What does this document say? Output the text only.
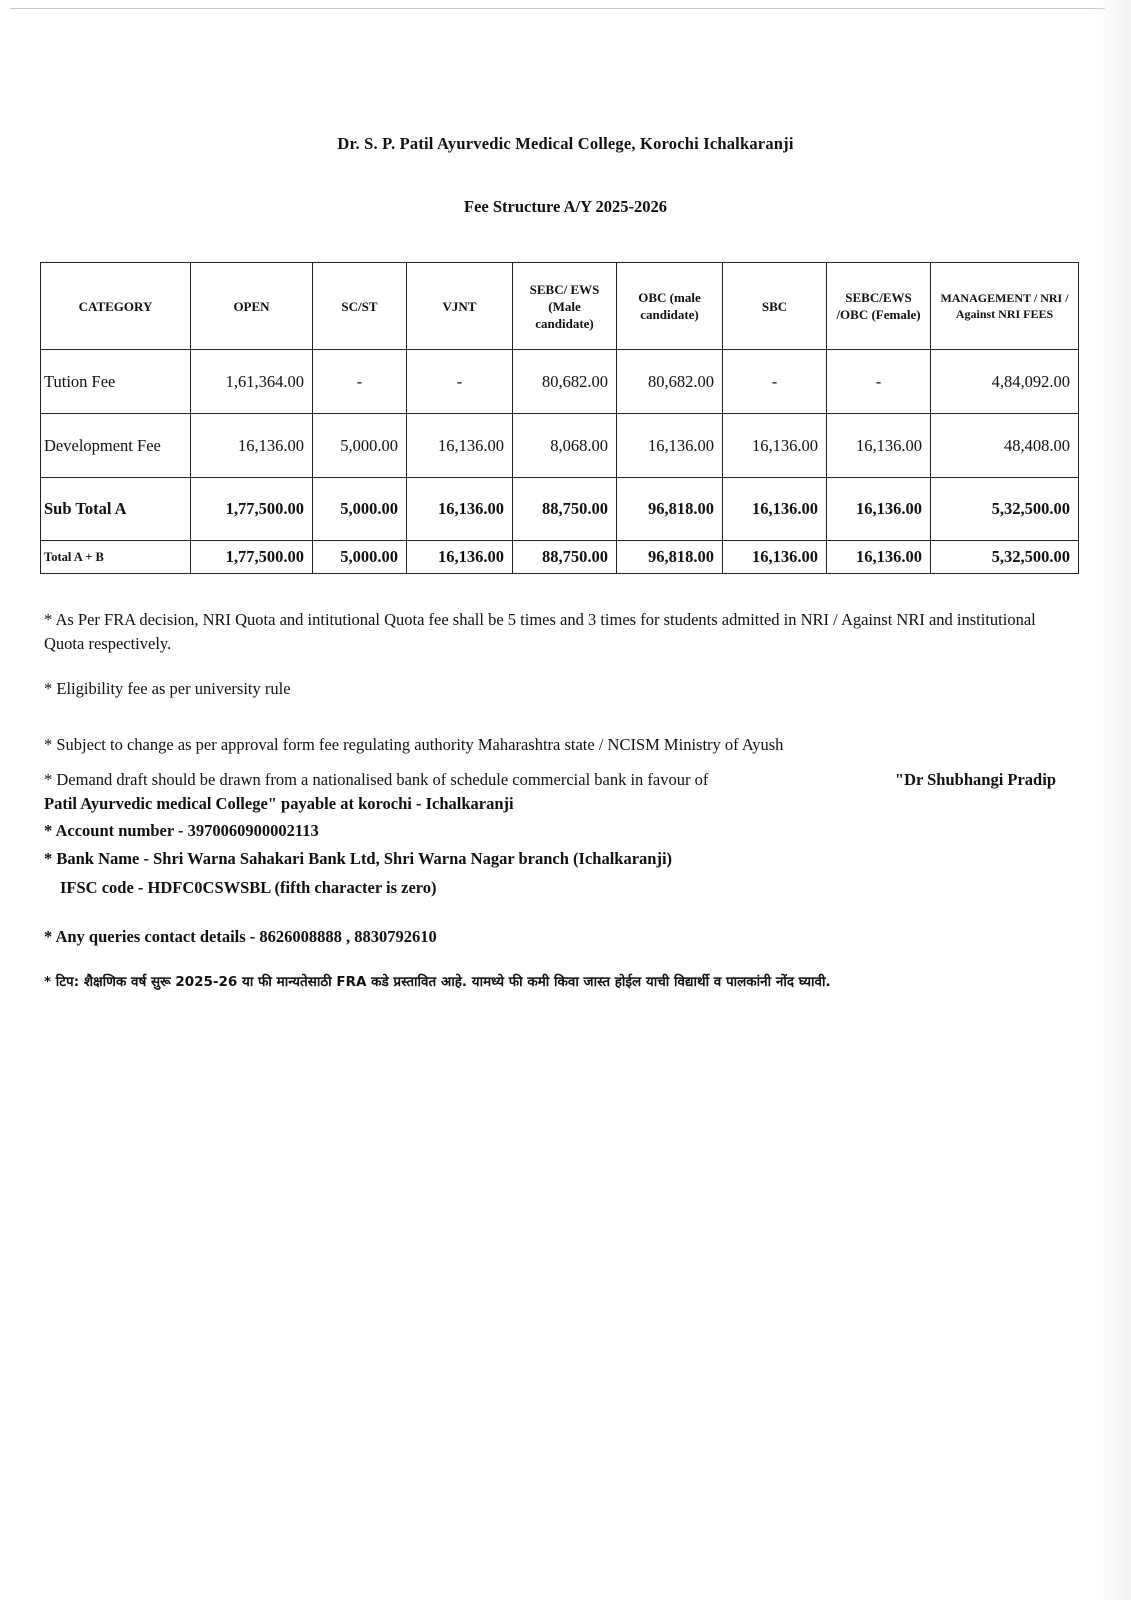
Dr. S. P. Patil Ayurvedic Medical College, Korochi Ichalkaranji
Fee Structure A/Y 2025-2026
CATEGORY	OPEN	SC/ST	VJNT	SEBC/ EWS (Male candidate)	OBC (male candidate)	SBC	SEBC/EWS /OBC (Female)	MANAGEMENT / NRI / Against NRI FEES
Tution Fee	1,61,364.00	-	-	80,682.00	80,682.00	-	-	4,84,092.00
Development Fee	16,136.00	5,000.00	16,136.00	8,068.00	16,136.00	16,136.00	16,136.00	48,408.00
Sub Total A	1,77,500.00	5,000.00	16,136.00	88,750.00	96,818.00	16,136.00	16,136.00	5,32,500.00
Total A + B	1,77,500.00	5,000.00	16,136.00	88,750.00	96,818.00	16,136.00	16,136.00	5,32,500.00
* As Per FRA decision, NRI Quota and intitutional Quota fee shall be 5 times and 3 times for students admitted in NRI / Against NRI and institutional Quota respectively.
* Eligibility fee as per university rule
* Subject to change as per approval form fee regulating authority Maharashtra state / NCISM Ministry of Ayush
* Demand draft should be drawn from a nationalised bank of schedule commercial bank in favour of	"Dr Shubhangi Pradip
Patil Ayurvedic medical College" payable at korochi - Ichalkaranji
* Account number - 3970060900002113
* Bank Name - Shri Warna Sahakari Bank Ltd, Shri Warna Nagar branch (Ichalkaranji)
IFSC code - HDFC0CSWSBL (fifth character is zero)
* Any queries contact details - 8626008888 , 8830792610
* टिप: शैक्षणिक वर्ष सुरू 2025-26 या फी मान्यतेसाठी FRA कडे प्रस्तावित आहे. यामध्ये फी कमी किवा जास्त होईल याची विद्यार्थी व पालकांनी नोंद घ्यावी.
